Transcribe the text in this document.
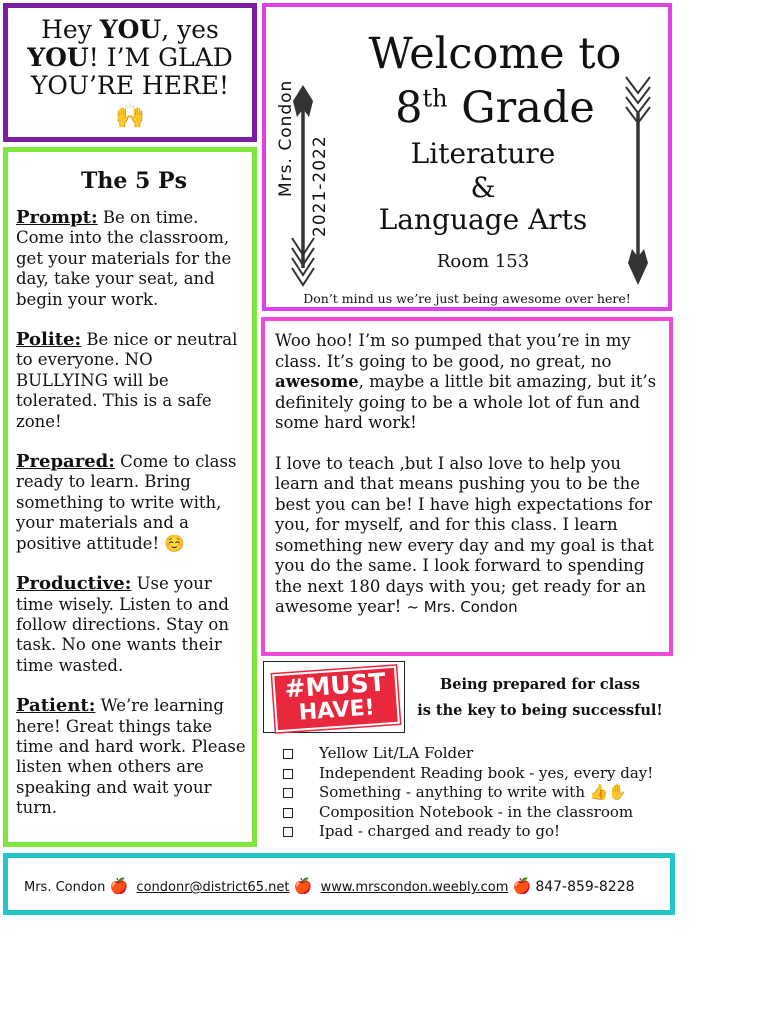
Hey YOU, yes
YOU! I’M GLAD
YOU’RE HERE!
🙌	Mrs. Condon 2021-2022
Welcome to
8th Grade
Literature
&
Language Arts
Room 153
Don’t mind us we’re just being awesome over here!
The 5 Ps
Prompt: Be on time. Come into the classroom, get your materials for the day, take your seat, and begin your work.
Polite: Be nice or neutral to everyone. NO BULLYING will be tolerated. This is a safe zone!
Prepared: Come to class ready to learn. Bring something to write with, your materials and a positive attitude! ☺️
Productive: Use your time wisely. Listen to and follow directions. Stay on task. No one wants their time wasted.
Patient: We’re learning here! Great things take time and hard work. Please listen when others are speaking and wait your turn.

Woo hoo! I’m so pumped that you’re in my class. It’s going to be good, no great, no awesome, maybe a little bit amazing, but it’s definitely going to be a whole lot of fun and some hard work!

I love to teach ,but I also love to help you learn and that means pushing you to be the best you can be! I have high expectations for you, for myself, and for this class. I learn something new every day and my goal is that you do the same. I look forward to spending the next 180 days with you; get ready for an awesome year! ~ Mrs. Condon

#MUST
HAVE!
Being prepared for class
is the key to being successful!
Yellow Lit/LA Folder
Independent Reading book - yes, every day!
Something - anything to write with 👍✋
Composition Notebook - in the classroom
Ipad - charged and ready to go!
Mrs. Condon 🍎 condonr@district65.net 🍎 www.mrscondon.weebly.com 🍎 847-859-8228
